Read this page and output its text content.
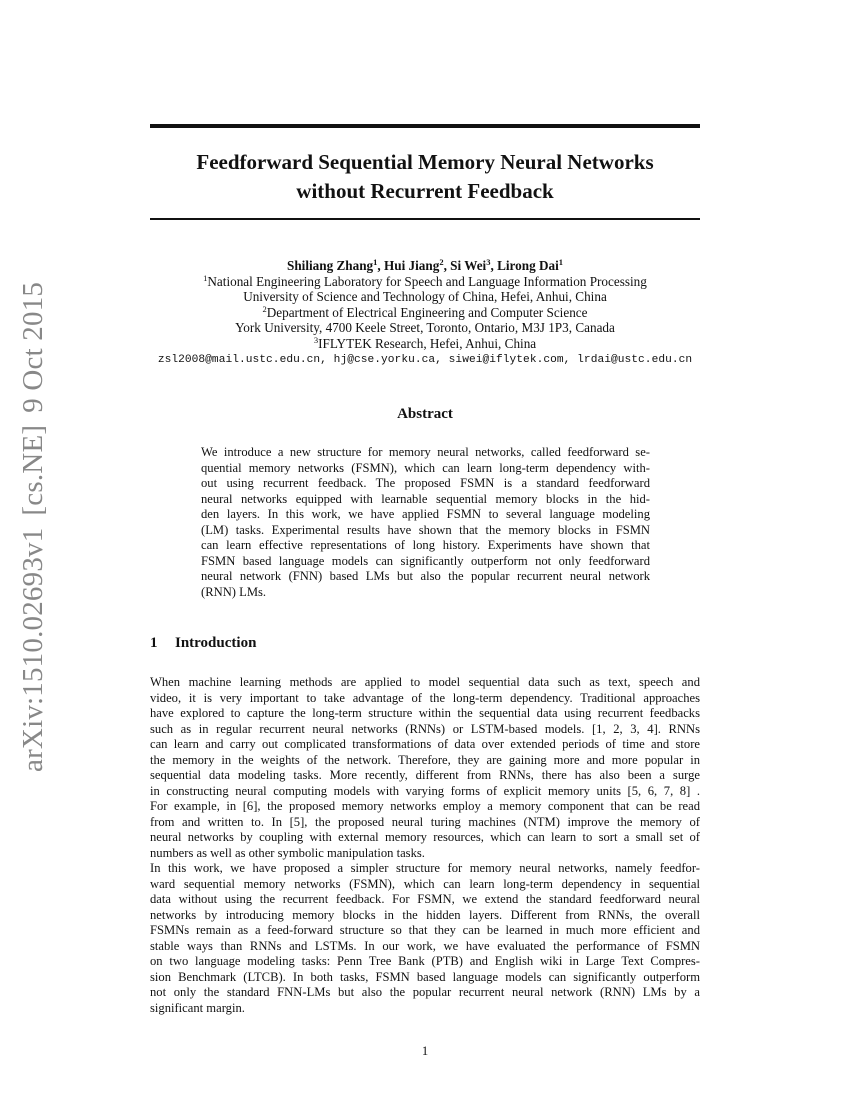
arXiv:1510.02693v1[cs.NE]9 Oct 2015
Feedforward Sequential Memory Neural Networks
without Recurrent Feedback
Shiliang Zhang$^1$, Hui Jiang$^2$, Si Wei$^3$, Lirong Dai$^1$
$^1$National Engineering Laboratory for Speech and Language Information Processing
University of Science and Technology of China, Hefei, Anhui, China
$^2$Department of Electrical Engineering and Computer Science
York University, 4700 Keele Street, Toronto, Ontario, M3J 1P3, Canada
$^3$IFLYTEK Research, Hefei, Anhui, China
zsl2008@mail.ustc.edu.cn, hj@cse.yorku.ca, siwei@iflytek.com, lrdai@ustc.edu.cn
Abstract
We introduce a new structure for memory neural networks, called feedforward se-
quential memory networks (FSMN), which can learn long-term dependency with-
out using recurrent feedback. The proposed FSMN is a standard feedforward
neural networks equipped with learnable sequential memory blocks in the hid-
den layers. In this work, we have applied FSMN to several language modeling
(LM) tasks. Experimental results have shown that the memory blocks in FSMN
can learn effective representations of long history. Experiments have shown that
FSMN based language models can significantly outperform not only feedforward
neural network (FNN) based LMs but also the popular recurrent neural network
(RNN) LMs.
1 Introduction
When machine learning methods are applied to model sequential data such as text, speech and
video, it is very important to take advantage of the long-term dependency. Traditional approaches
have explored to capture the long-term structure within the sequential data using recurrent feedbacks
such as in regular recurrent neural networks (RNNs) or LSTM-based models. [1, 2, 3, 4]. RNNs
can learn and carry out complicated transformations of data over extended periods of time and store
the memory in the weights of the network. Therefore, they are gaining more and more popular in
sequential data modeling tasks. More recently, different from RNNs, there has also been a surge
in constructing neural computing models with varying forms of explicit memory units [5, 6, 7, 8] .
For example, in [6], the proposed memory networks employ a memory component that can be read
from and written to. In [5], the proposed neural turing machines (NTM) improve the memory of
neural networks by coupling with external memory resources, which can learn to sort a small set of
numbers as well as other symbolic manipulation tasks.
In this work, we have proposed a simpler structure for memory neural networks, namely feedfor-
ward sequential memory networks (FSMN), which can learn long-term dependency in sequential
data without using the recurrent feedback. For FSMN, we extend the standard feedforward neural
networks by introducing memory blocks in the hidden layers. Different from RNNs, the overall
FSMNs remain as a feed-forward structure so that they can be learned in much more efficient and
stable ways than RNNs and LSTMs. In our work, we have evaluated the performance of FSMN
on two language modeling tasks: Penn Tree Bank (PTB) and English wiki in Large Text Compres-
sion Benchmark (LTCB). In both tasks, FSMN based language models can significantly outperform
not only the standard FNN-LMs but also the popular recurrent neural network (RNN) LMs by a
significant margin.
1
